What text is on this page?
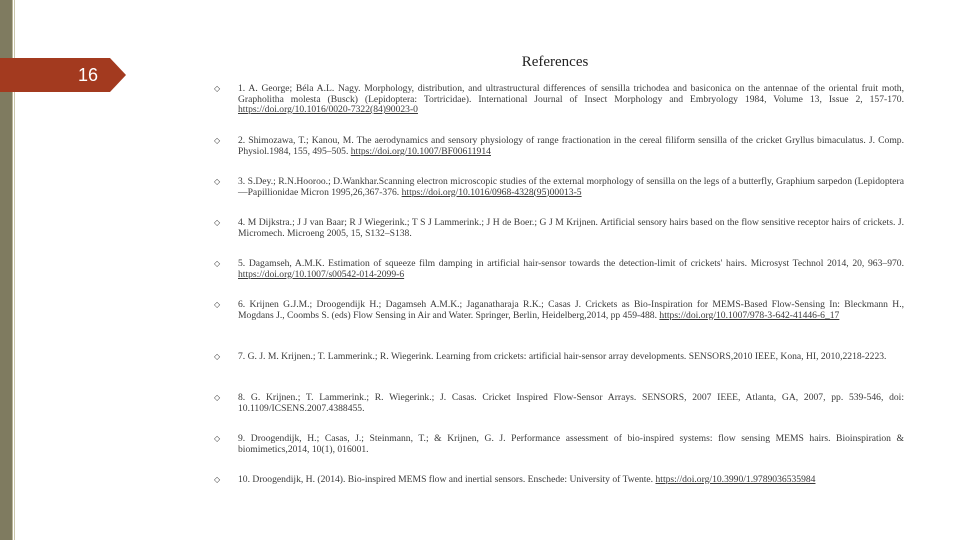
16
References
◇	1. A. George; Béla A.L. Nagy. Morphology, distribution, and ultrastructural differences of sensilla trichodea and basiconica on the antennae of the oriental fruit moth, Grapholitha molesta (Busck) (Lepidoptera: Tortricidae). International Journal of Insect Morphology and Embryology 1984, Volume 13, Issue 2, 157-170. https://doi.org/10.1016/0020-7322(84)90023-0
◇	2. Shimozawa, T.; Kanou, M. The aerodynamics and sensory physiology of range fractionation in the cereal filiform sensilla of the cricket Gryllus bimaculatus. J. Comp. Physiol.1984, 155, 495–505. https://doi.org/10.1007/BF00611914
◇	3. S.Dey.; R.N.Hooroo.; D.Wankhar.Scanning electron microscopic studies of the external morphology of sensilla on the legs of a butterfly, Graphium sarpedon (Lepidoptera—Papillionidae Micron 1995,26,367-376. https://doi.org/10.1016/0968-4328(95)00013-5
◇	4. M Dijkstra.; J J van Baar; R J Wiegerink.; T S J Lammerink.; J H de Boer.; G J M Krijnen. Artificial sensory hairs based on the flow sensitive receptor hairs of crickets. J. Micromech. Microeng 2005, 15, S132–S138.
◇	5. Dagamseh, A.M.K. Estimation of squeeze film damping in artificial hair-sensor towards the detection-limit of crickets' hairs. Microsyst Technol 2014, 20, 963–970. https://doi.org/10.1007/s00542-014-2099-6
◇	6. Krijnen G.J.M.; Droogendijk H.; Dagamseh A.M.K.; Jaganatharaja R.K.; Casas J. Crickets as Bio-Inspiration for MEMS-Based Flow-Sensing In: Bleckmann H., Mogdans J., Coombs S. (eds) Flow Sensing in Air and Water. Springer, Berlin, Heidelberg,2014, pp 459-488. https://doi.org/10.1007/978-3-642-41446-6_17
◇	7. G. J. M. Krijnen.; T. Lammerink.; R. Wiegerink. Learning from crickets: artificial hair-sensor array developments. SENSORS,2010 IEEE, Kona, HI, 2010,2218-2223.
◇	8. G. Krijnen.; T. Lammerink.; R. Wiegerink.; J. Casas. Cricket Inspired Flow-Sensor Arrays. SENSORS, 2007 IEEE, Atlanta, GA, 2007, pp. 539-546, doi: 10.1109/ICSENS.2007.4388455.
◇	9. Droogendijk, H.; Casas, J.; Steinmann, T.; & Krijnen, G. J. Performance assessment of bio-inspired systems: flow sensing MEMS hairs. Bioinspiration & biomimetics,2014, 10(1), 016001.
◇	10. Droogendijk, H. (2014). Bio-inspired MEMS flow and inertial sensors. Enschede: University of Twente. https://doi.org/10.3990/1.9789036535984
